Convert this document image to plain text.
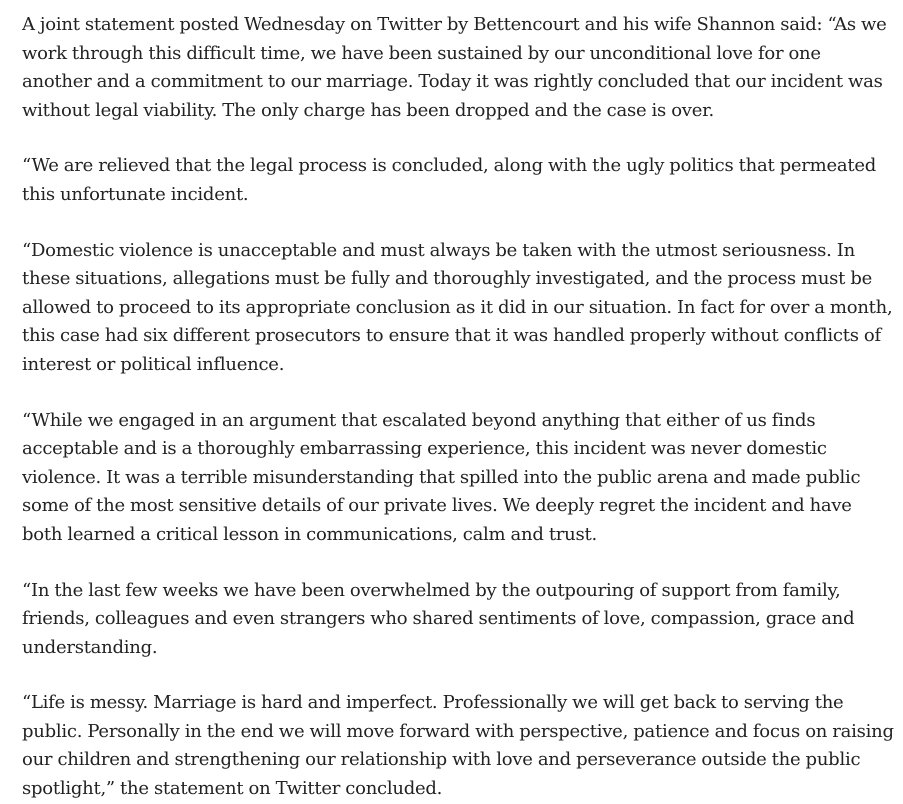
A joint statement posted Wednesday on Twitter by Bettencourt and his wife Shannon said: “As we work through this difficult time, we have been sustained by our unconditional love for one another and a commitment to our marriage. Today it was rightly concluded that our incident was without legal viability. The only charge has been dropped and the case is over.

“We are relieved that the legal process is concluded, along with the ugly politics that permeated this unfortunate incident.

“Domestic violence is unacceptable and must always be taken with the utmost seriousness. In these situations, allegations must be fully and thoroughly investigated, and the process must be allowed to proceed to its appropriate conclusion as it did in our situation. In fact for over a month, this case had six different prosecutors to ensure that it was handled properly without conflicts of interest or political influence.

“While we engaged in an argument that escalated beyond anything that either of us finds acceptable and is a thoroughly embarrassing experience, this incident was never domestic violence. It was a terrible misunderstanding that spilled into the public arena and made public some of the most sensitive details of our private lives. We deeply regret the incident and have both learned a critical lesson in communications, calm and trust.

“In the last few weeks we have been overwhelmed by the outpouring of support from family, friends, colleagues and even strangers who shared sentiments of love, compassion, grace and understanding.

“Life is messy. Marriage is hard and imperfect. Professionally we will get back to serving the public. Personally in the end we will move forward with perspective, patience and focus on raising our children and strengthening our relationship with love and perseverance outside the public spotlight,” the statement on Twitter concluded.
